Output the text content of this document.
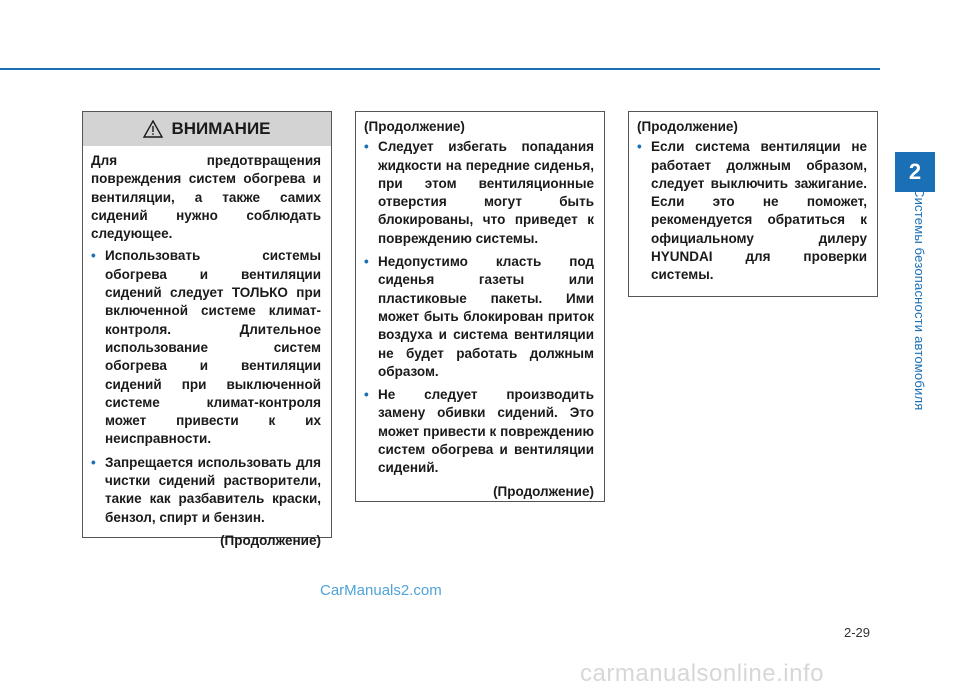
2
Системы безопасности автомобиля
ВНИМАНИЕ

Для предотвращения повреждения систем обогрева и вентиляции, а также самих сидений нужно соблюдать следующее.

• Использовать системы обогрева и вентиляции сидений следует ТОЛЬКО при включенной системе климат-контроля. Длительное использование систем обогрева и вентиляции сидений при выключенной системе климат-контроля может привести к их неисправности.
• Запрещается использовать для чистки сидений растворители, такие как разбавитель краски, бензол, спирт и бензин.
(Продолжение)
(Продолжение)
• Следует избегать попадания жидкости на передние сиденья, при этом вентиляционные отверстия могут быть блокированы, что приведет к повреждению системы.
• Недопустимо класть под сиденья газеты или пластиковые пакеты. Ими может быть блокирован приток воздуха и система вентиляции не будет работать должным образом.
• Не следует производить замену обивки сидений. Это может привести к повреждению систем обогрева и вентиляции сидений.
(Продолжение)
(Продолжение)
• Если система вентиляции не работает должным образом, следует выключить зажигание. Если это не поможет, рекомендуется обратиться к официальному дилеру HYUNDAI для проверки системы.
CarManuals2.com
2-29
carmanualsonline.info
